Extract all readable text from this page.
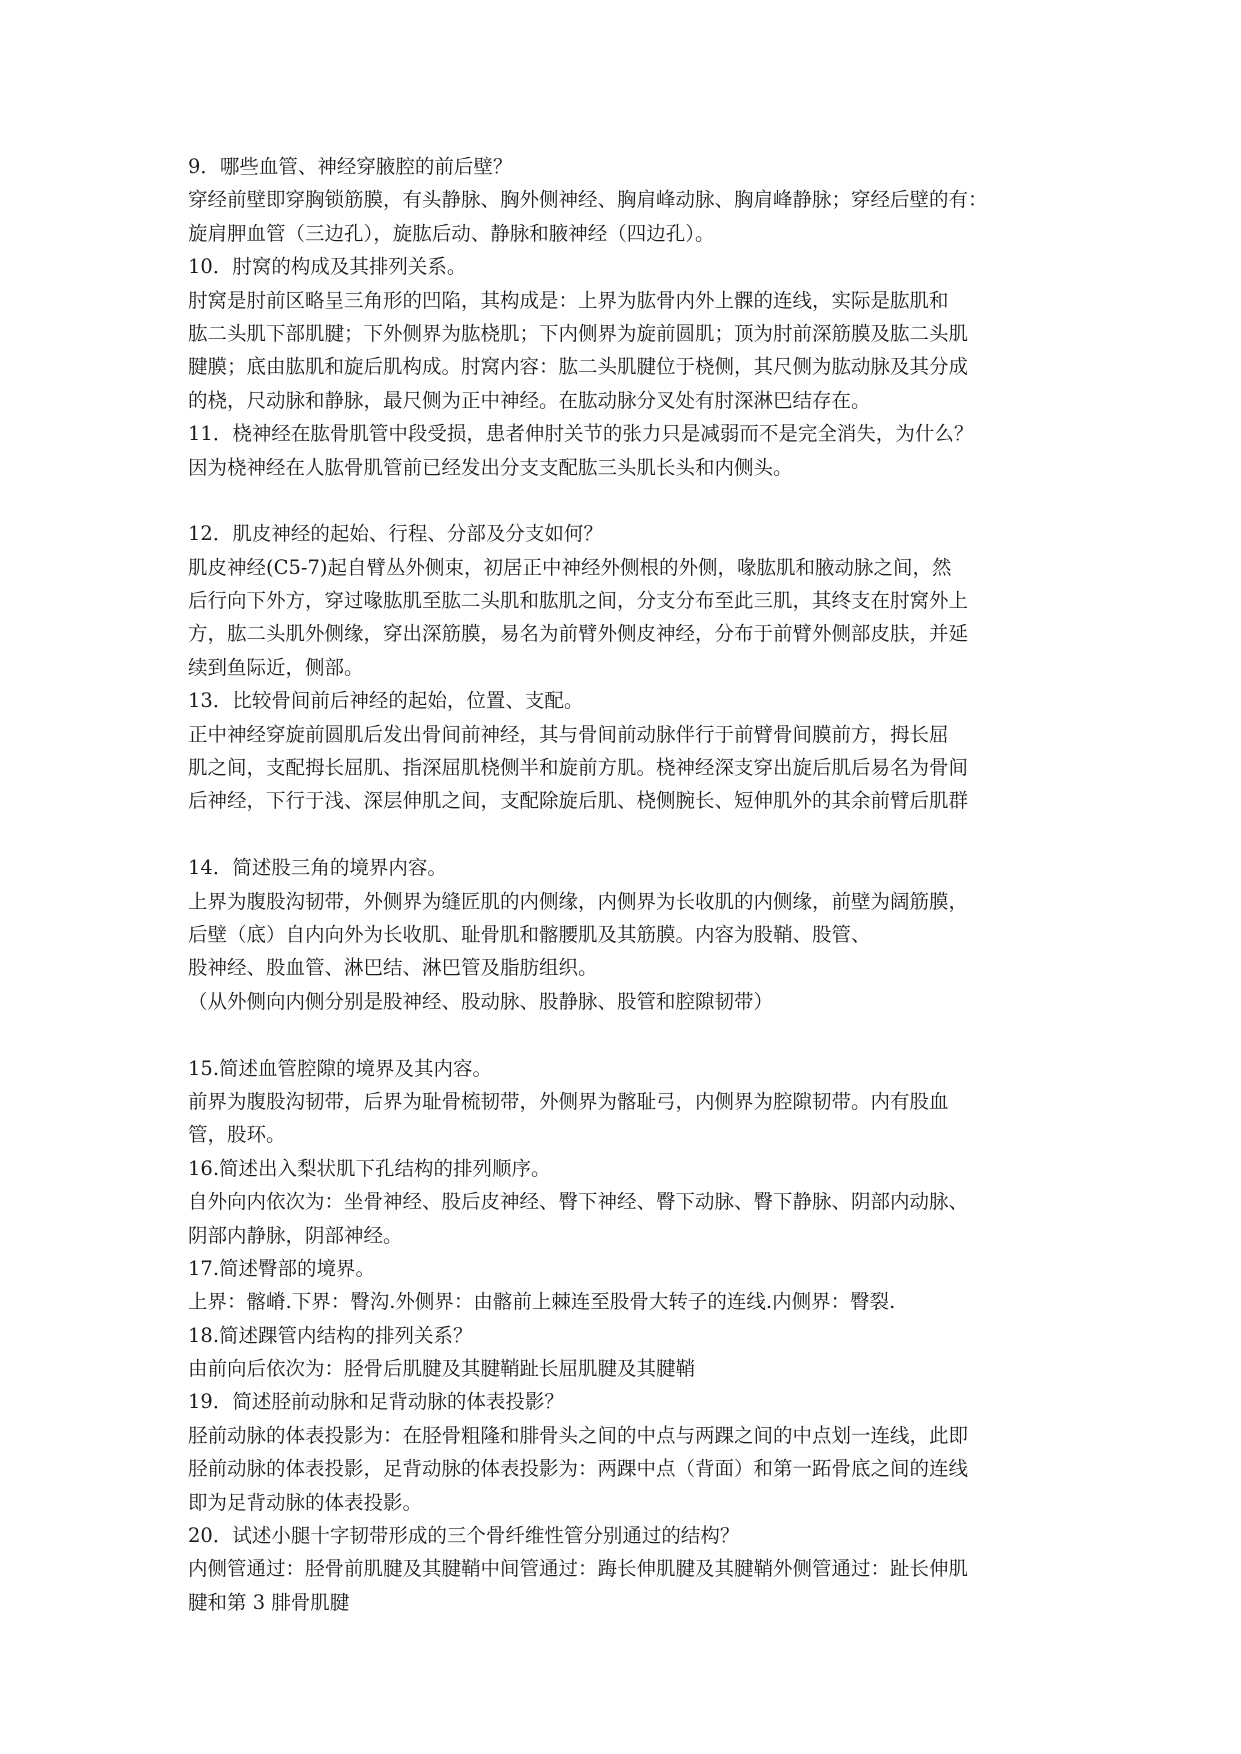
9．哪些血管、神经穿腋腔的前后壁？
穿经前壁即穿胸锁筋膜，有头静脉、胸外侧神经、胸肩峰动脉、胸肩峰静脉；穿经后壁的有：
旋肩胛血管（三边孔），旋肱后动、静脉和腋神经（四边孔）。
10．肘窝的构成及其排列关系。
肘窝是肘前区略呈三角形的凹陷，其构成是：上界为肱骨内外上髁的连线，实际是肱肌和
肱二头肌下部肌腱；下外侧界为肱桡肌；下内侧界为旋前圆肌；顶为肘前深筋膜及肱二头肌
腱膜；底由肱肌和旋后肌构成。肘窝内容：肱二头肌腱位于桡侧，其尺侧为肱动脉及其分成
的桡，尺动脉和静脉，最尺侧为正中神经。在肱动脉分叉处有肘深淋巴结存在。
11．桡神经在肱骨肌管中段受损，患者伸肘关节的张力只是减弱而不是完全消失，为什么？
因为桡神经在人肱骨肌管前已经发出分支支配肱三头肌长头和内侧头。
12．肌皮神经的起始、行程、分部及分支如何？
肌皮神经(C5-7)起自臂丛外侧束，初居正中神经外侧根的外侧，喙肱肌和腋动脉之间，然
后行向下外方，穿过喙肱肌至肱二头肌和肱肌之间，分支分布至此三肌，其终支在肘窝外上
方，肱二头肌外侧缘，穿出深筋膜，易名为前臂外侧皮神经，分布于前臂外侧部皮肤，并延
续到鱼际近，侧部。
13．比较骨间前后神经的起始，位置、支配。
正中神经穿旋前圆肌后发出骨间前神经，其与骨间前动脉伴行于前臂骨间膜前方，拇长屈
肌之间，支配拇长屈肌、指深屈肌桡侧半和旋前方肌。桡神经深支穿出旋后肌后易名为骨间
后神经，下行于浅、深层伸肌之间，支配除旋后肌、桡侧腕长、短伸肌外的其余前臂后肌群
14．简述股三角的境界内容。
上界为腹股沟韧带，外侧界为缝匠肌的内侧缘，内侧界为长收肌的内侧缘，前壁为阔筋膜，
后壁（底）自内向外为长收肌、耻骨肌和髂腰肌及其筋膜。内容为股鞘、股管、
股神经、股血管、淋巴结、淋巴管及脂肪组织。
（从外侧向内侧分别是股神经、股动脉、股静脉、股管和腔隙韧带）
15.简述血管腔隙的境界及其内容。
前界为腹股沟韧带，后界为耻骨梳韧带，外侧界为髂耻弓，内侧界为腔隙韧带。内有股血
管，股环。
16.简述出入梨状肌下孔结构的排列顺序。
自外向内依次为：坐骨神经、股后皮神经、臀下神经、臀下动脉、臀下静脉、阴部内动脉、
阴部内静脉，阴部神经。
17.简述臀部的境界。
上界：髂嵴.下界：臀沟.外侧界：由髂前上棘连至股骨大转子的连线.内侧界：臀裂.
18.简述踝管内结构的排列关系？
由前向后依次为：胫骨后肌腱及其腱鞘趾长屈肌腱及其腱鞘
19．简述胫前动脉和足背动脉的体表投影？
胫前动脉的体表投影为：在胫骨粗隆和腓骨头之间的中点与两踝之间的中点划一连线，此即
胫前动脉的体表投影，足背动脉的体表投影为：两踝中点（背面）和第一跖骨底之间的连线
即为足背动脉的体表投影。
20．试述小腿十字韧带形成的三个骨纤维性管分别通过的结构？
内侧管通过：胫骨前肌腱及其腱鞘中间管通过：踇长伸肌腱及其腱鞘外侧管通过：趾长伸肌
腱和第 3 腓骨肌腱
